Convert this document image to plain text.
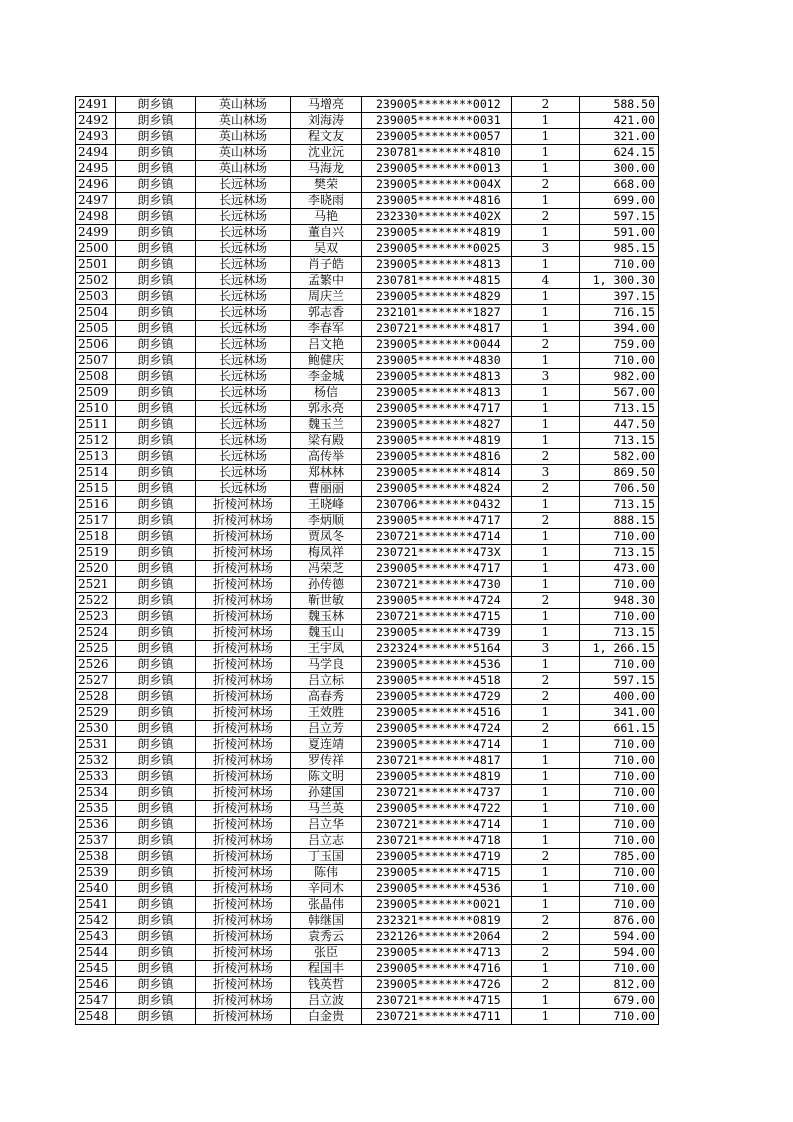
2491	朗乡镇	英山林场	马增亮	239005********0012	2	588.50
2492	朗乡镇	英山林场	刘海涛	239005********0031	1	421.00
2493	朗乡镇	英山林场	程文友	239005********0057	1	321.00
2494	朗乡镇	英山林场	沈业沅	230781********4810	1	624.15
2495	朗乡镇	英山林场	马海龙	239005********0013	1	300.00
2496	朗乡镇	长远林场	樊荣	239005********004X	2	668.00
2497	朗乡镇	长远林场	李晓雨	239005********4816	1	699.00
2498	朗乡镇	长远林场	马艳	232330********402X	2	597.15
2499	朗乡镇	长远林场	董自兴	239005********4819	1	591.00
2500	朗乡镇	长远林场	吴双	239005********0025	3	985.15
2501	朗乡镇	长远林场	肖子皓	239005********4813	1	710.00
2502	朗乡镇	长远林场	孟繁中	230781********4815	4	1, 300.30
2503	朗乡镇	长远林场	周庆兰	239005********4829	1	397.15
2504	朗乡镇	长远林场	郭志香	232101********1827	1	716.15
2505	朗乡镇	长远林场	李春军	230721********4817	1	394.00
2506	朗乡镇	长远林场	吕文艳	239005********0044	2	759.00
2507	朗乡镇	长远林场	鲍健庆	239005********4830	1	710.00
2508	朗乡镇	长远林场	李金城	239005********4813	3	982.00
2509	朗乡镇	长远林场	杨信	239005********4813	1	567.00
2510	朗乡镇	长远林场	郭永亮	239005********4717	1	713.15
2511	朗乡镇	长远林场	魏玉兰	239005********4827	1	447.50
2512	朗乡镇	长远林场	梁有殿	239005********4819	1	713.15
2513	朗乡镇	长远林场	高传举	239005********4816	2	582.00
2514	朗乡镇	长远林场	郑林林	239005********4814	3	869.50
2515	朗乡镇	长远林场	曹丽丽	239005********4824	2	706.50
2516	朗乡镇	折棱河林场	王晓峰	230706********0432	1	713.15
2517	朗乡镇	折棱河林场	李炳顺	239005********4717	2	888.15
2518	朗乡镇	折棱河林场	贾凤冬	230721********4714	1	710.00
2519	朗乡镇	折棱河林场	梅凤祥	230721********473X	1	713.15
2520	朗乡镇	折棱河林场	冯荣芝	239005********4717	1	473.00
2521	朗乡镇	折棱河林场	孙传德	230721********4730	1	710.00
2522	朗乡镇	折棱河林场	靳世敏	239005********4724	2	948.30
2523	朗乡镇	折棱河林场	魏玉林	230721********4715	1	710.00
2524	朗乡镇	折棱河林场	魏玉山	239005********4739	1	713.15
2525	朗乡镇	折棱河林场	王宇凤	232324********5164	3	1, 266.15
2526	朗乡镇	折棱河林场	马学良	239005********4536	1	710.00
2527	朗乡镇	折棱河林场	吕立标	239005********4518	2	597.15
2528	朗乡镇	折棱河林场	高春秀	239005********4729	2	400.00
2529	朗乡镇	折棱河林场	王效胜	239005********4516	1	341.00
2530	朗乡镇	折棱河林场	吕立芳	239005********4724	2	661.15
2531	朗乡镇	折棱河林场	夏连靖	239005********4714	1	710.00
2532	朗乡镇	折棱河林场	罗传祥	230721********4817	1	710.00
2533	朗乡镇	折棱河林场	陈文明	239005********4819	1	710.00
2534	朗乡镇	折棱河林场	孙建国	230721********4737	1	710.00
2535	朗乡镇	折棱河林场	马兰英	239005********4722	1	710.00
2536	朗乡镇	折棱河林场	吕立华	230721********4714	1	710.00
2537	朗乡镇	折棱河林场	吕立志	230721********4718	1	710.00
2538	朗乡镇	折棱河林场	丁玉国	239005********4719	2	785.00
2539	朗乡镇	折棱河林场	陈伟	239005********4715	1	710.00
2540	朗乡镇	折棱河林场	辛同木	239005********4536	1	710.00
2541	朗乡镇	折棱河林场	张晶伟	239005********0021	1	710.00
2542	朗乡镇	折棱河林场	韩继国	232321********0819	2	876.00
2543	朗乡镇	折棱河林场	袁秀云	232126********2064	2	594.00
2544	朗乡镇	折棱河林场	张臣	239005********4713	2	594.00
2545	朗乡镇	折棱河林场	程国丰	239005********4716	1	710.00
2546	朗乡镇	折棱河林场	钱英哲	239005********4726	2	812.00
2547	朗乡镇	折棱河林场	吕立波	230721********4715	1	679.00
2548	朗乡镇	折棱河林场	白金贵	230721********4711	1	710.00
